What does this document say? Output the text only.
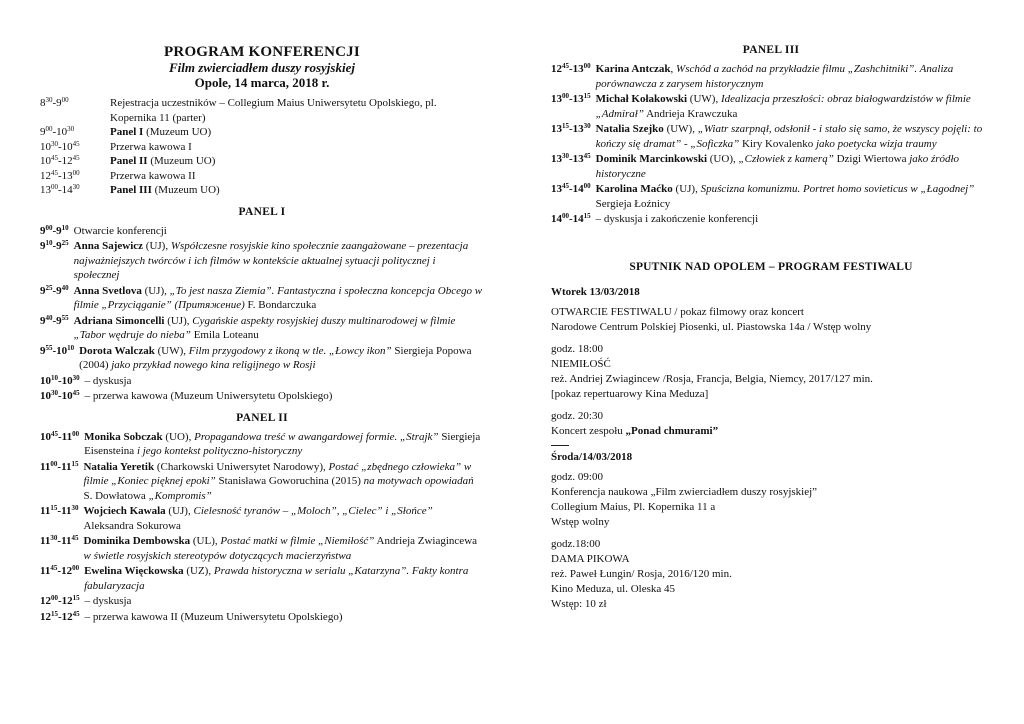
PROGRAM KONFERENCJI
Film zwierciadłem duszy rosyjskiej
Opole, 14 marca, 2018 r.
$8^{30}-9^{00}$	Rejestracja uczestników – Collegium Maius Uniwersytetu Opolskiego, pl. Kopernika 11 (parter)
$9^{00}-10^{30}$	Panel I (Muzeum UO)
$10^{30}-10^{45}$	Przerwa kawowa I
$10^{45}-12^{45}$	Panel II (Muzeum UO)
$12^{45}-13^{00}$	Przerwa kawowa II
$13^{00}-14^{30}$	Panel III (Muzeum UO)
PANEL I
$9^{00}-9^{10}$ Otwarcie konferencji
$9^{10}-9^{25}$ Anna Sajewicz (UJ), Współczesne rosyjskie kino społecznie zaangażowane – prezentacja najważniejszych twórców i ich filmów w kontekście aktualnej sytuacji politycznej i społecznej
$9^{25}-9^{40}$ Anna Svetlova (UJ), „To jest nasza Ziemia”. Fantastyczna i społeczna koncepcja Obcego w filmie „Przyciąganie” (Притяжение) F. Bondarczuka
$9^{40}-9^{55}$ Adriana Simoncelli (UJ), Cygańskie aspekty rosyjskiej duszy multinarodowej w filmie „Tabor wędruje do nieba” Emila Loteanu
$9^{55}-10^{10}$ Dorota Walczak (UW), Film przygodowy z ikoną w tle. „Łowcy ikon” Siergieja Popowa (2004) jako przykład nowego kina religijnego w Rosji
$10^{10}-10^{30}$ – dyskusja
$10^{30}-10^{45}$ – przerwa kawowa (Muzeum Uniwersytetu Opolskiego)
PANEL II
$10^{45}-11^{00}$ Monika Sobczak (UO), Propagandowa treść w awangardowej formie. „Strajk” Siergieja Eisensteina i jego kontekst polityczno-historyczny
$11^{00}-11^{15}$ Natalia Yeretik (Charkowski Uniwersytet Narodowy), Postać „zbędnego człowieka” w filmie „Koniec pięknej epoki” Stanisława Goworuchina (2015) na motywach opowiadań S. Dowłatowa „Kompromis”
$11^{15}-11^{30}$ Wojciech Kawala (UJ), Cielesność tyranów – „Moloch”, „Cielec” i „Słońce” Aleksandra Sokurowa
$11^{30}-11^{45}$ Dominika Dembowska (UL), Postać matki w filmie „Niemiłość” Andrieja Zwiagincewa w świetle rosyjskich stereotypów dotyczących macierzyństwa
$11^{45}-12^{00}$ Ewelina Więckowska (UZ), Prawda historyczna w serialu „Katarzyna”. Fakty kontra fabularyzacja
$12^{00}-12^{15}$ – dyskusja
$12^{15}-12^{45}$ – przerwa kawowa II (Muzeum Uniwersytetu Opolskiego)
PANEL III
$12^{45}-13^{00}$ Karina Antczak, Wschód a zachód na przykładzie filmu „Zashchitniki”. Analiza porównawcza z zarysem historycznym
$13^{00}-13^{15}$ Michał Kołakowski (UW), Idealizacja przeszłości: obraz białogwardzistów w filmie „Admirał” Andrieja Krawczuka
$13^{15}-13^{30}$ Natalia Szejko (UW), „Wiatr szarpnął, odsłonił - i stało się samo, że wszyscy pojęli: to kończy się dramat” - „Soficzka” Kiry Kovalenko jako poetycka wizja traumy
$13^{30}-13^{45}$ Dominik Marcinkowski (UO), „Człowiek z kamerą” Dzigi Wiertowa jako źródło historyczne
$13^{45}-14^{00}$ Karolina Maćko (UJ), Spuścizna komunizmu. Portret homo sovieticus w „Łagodnej” Sergieja Łoźnicy
$14^{00}-14^{15}$ – dyskusja i zakończenie konferencji
SPUTNIK NAD OPOLEM – PROGRAM FESTIWALU
Wtorek 13/03/2018
OTWARCIE FESTIWALU / pokaz filmowy oraz koncert
Narodowe Centrum Polskiej Piosenki, ul. Piastowska 14a / Wstęp wolny
godz. 18:00
NIEMIŁOŚĆ
reż. Andriej Zwiagincew /Rosja, Francja, Belgia, Niemcy, 2017/127 min.
[pokaz repertuarowy Kina Meduza]
godz. 20:30
Koncert zespołu „Ponad chmurami”
Środa/14/03/2018
godz. 09:00
Konferencja naukowa „Film zwierciadłem duszy rosyjskiej”
Collegium Maius, Pl. Kopernika 11 a
Wstęp wolny
godz.18:00
DAMA PIKOWA
reż. Paweł Łungin/ Rosja, 2016/120 min.
Kino Meduza, ul. Oleska 45
Wstęp: 10 zł
